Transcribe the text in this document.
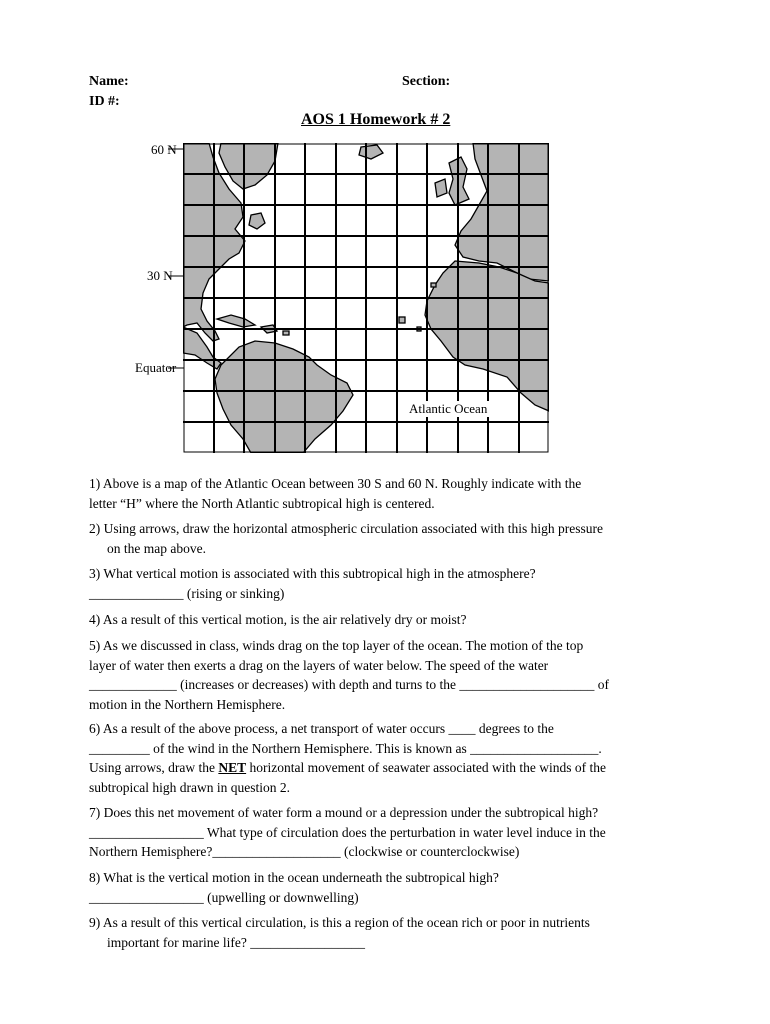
Name:	Section:
ID #:
AOS 1 Homework # 2
60 N
30 N
Equator
Atlantic Ocean

1) Above is a map of the Atlantic Ocean between 30 S and 60 N. Roughly indicate with the

letter “H” where the North Atlantic subtropical high is centered.

2) Using arrows, draw the horizontal atmospheric circulation associated with this high pressure

on the map above.

3) What vertical motion is associated with this subtropical high in the atmosphere?

______________ (rising or sinking)

4) As a result of this vertical motion, is the air relatively dry or moist?

5) As we discussed in class, winds drag on the top layer of the ocean. The motion of the top

layer of water then exerts a drag on the layers of water below. The speed of the water

_____________ (increases or decreases) with depth and turns to the ____________________ of

motion in the Northern Hemisphere.

6) As a result of the above process, a net transport of water occurs ____ degrees to the

_________ of the wind in the Northern Hemisphere. This is known as ___________________.

Using arrows, draw the NET horizontal movement of seawater associated with the winds of the

subtropical high drawn in question 2.

7) Does this net movement of water form a mound or a depression under the subtropical high?

_________________ What type of circulation does the perturbation in water level induce in the

Northern Hemisphere?___________________ (clockwise or counterclockwise)

8) What is the vertical motion in the ocean underneath the subtropical high?

_________________ (upwelling or downwelling)

9) As a result of this vertical circulation, is this a region of the ocean rich or poor in nutrients

important for marine life? _________________
